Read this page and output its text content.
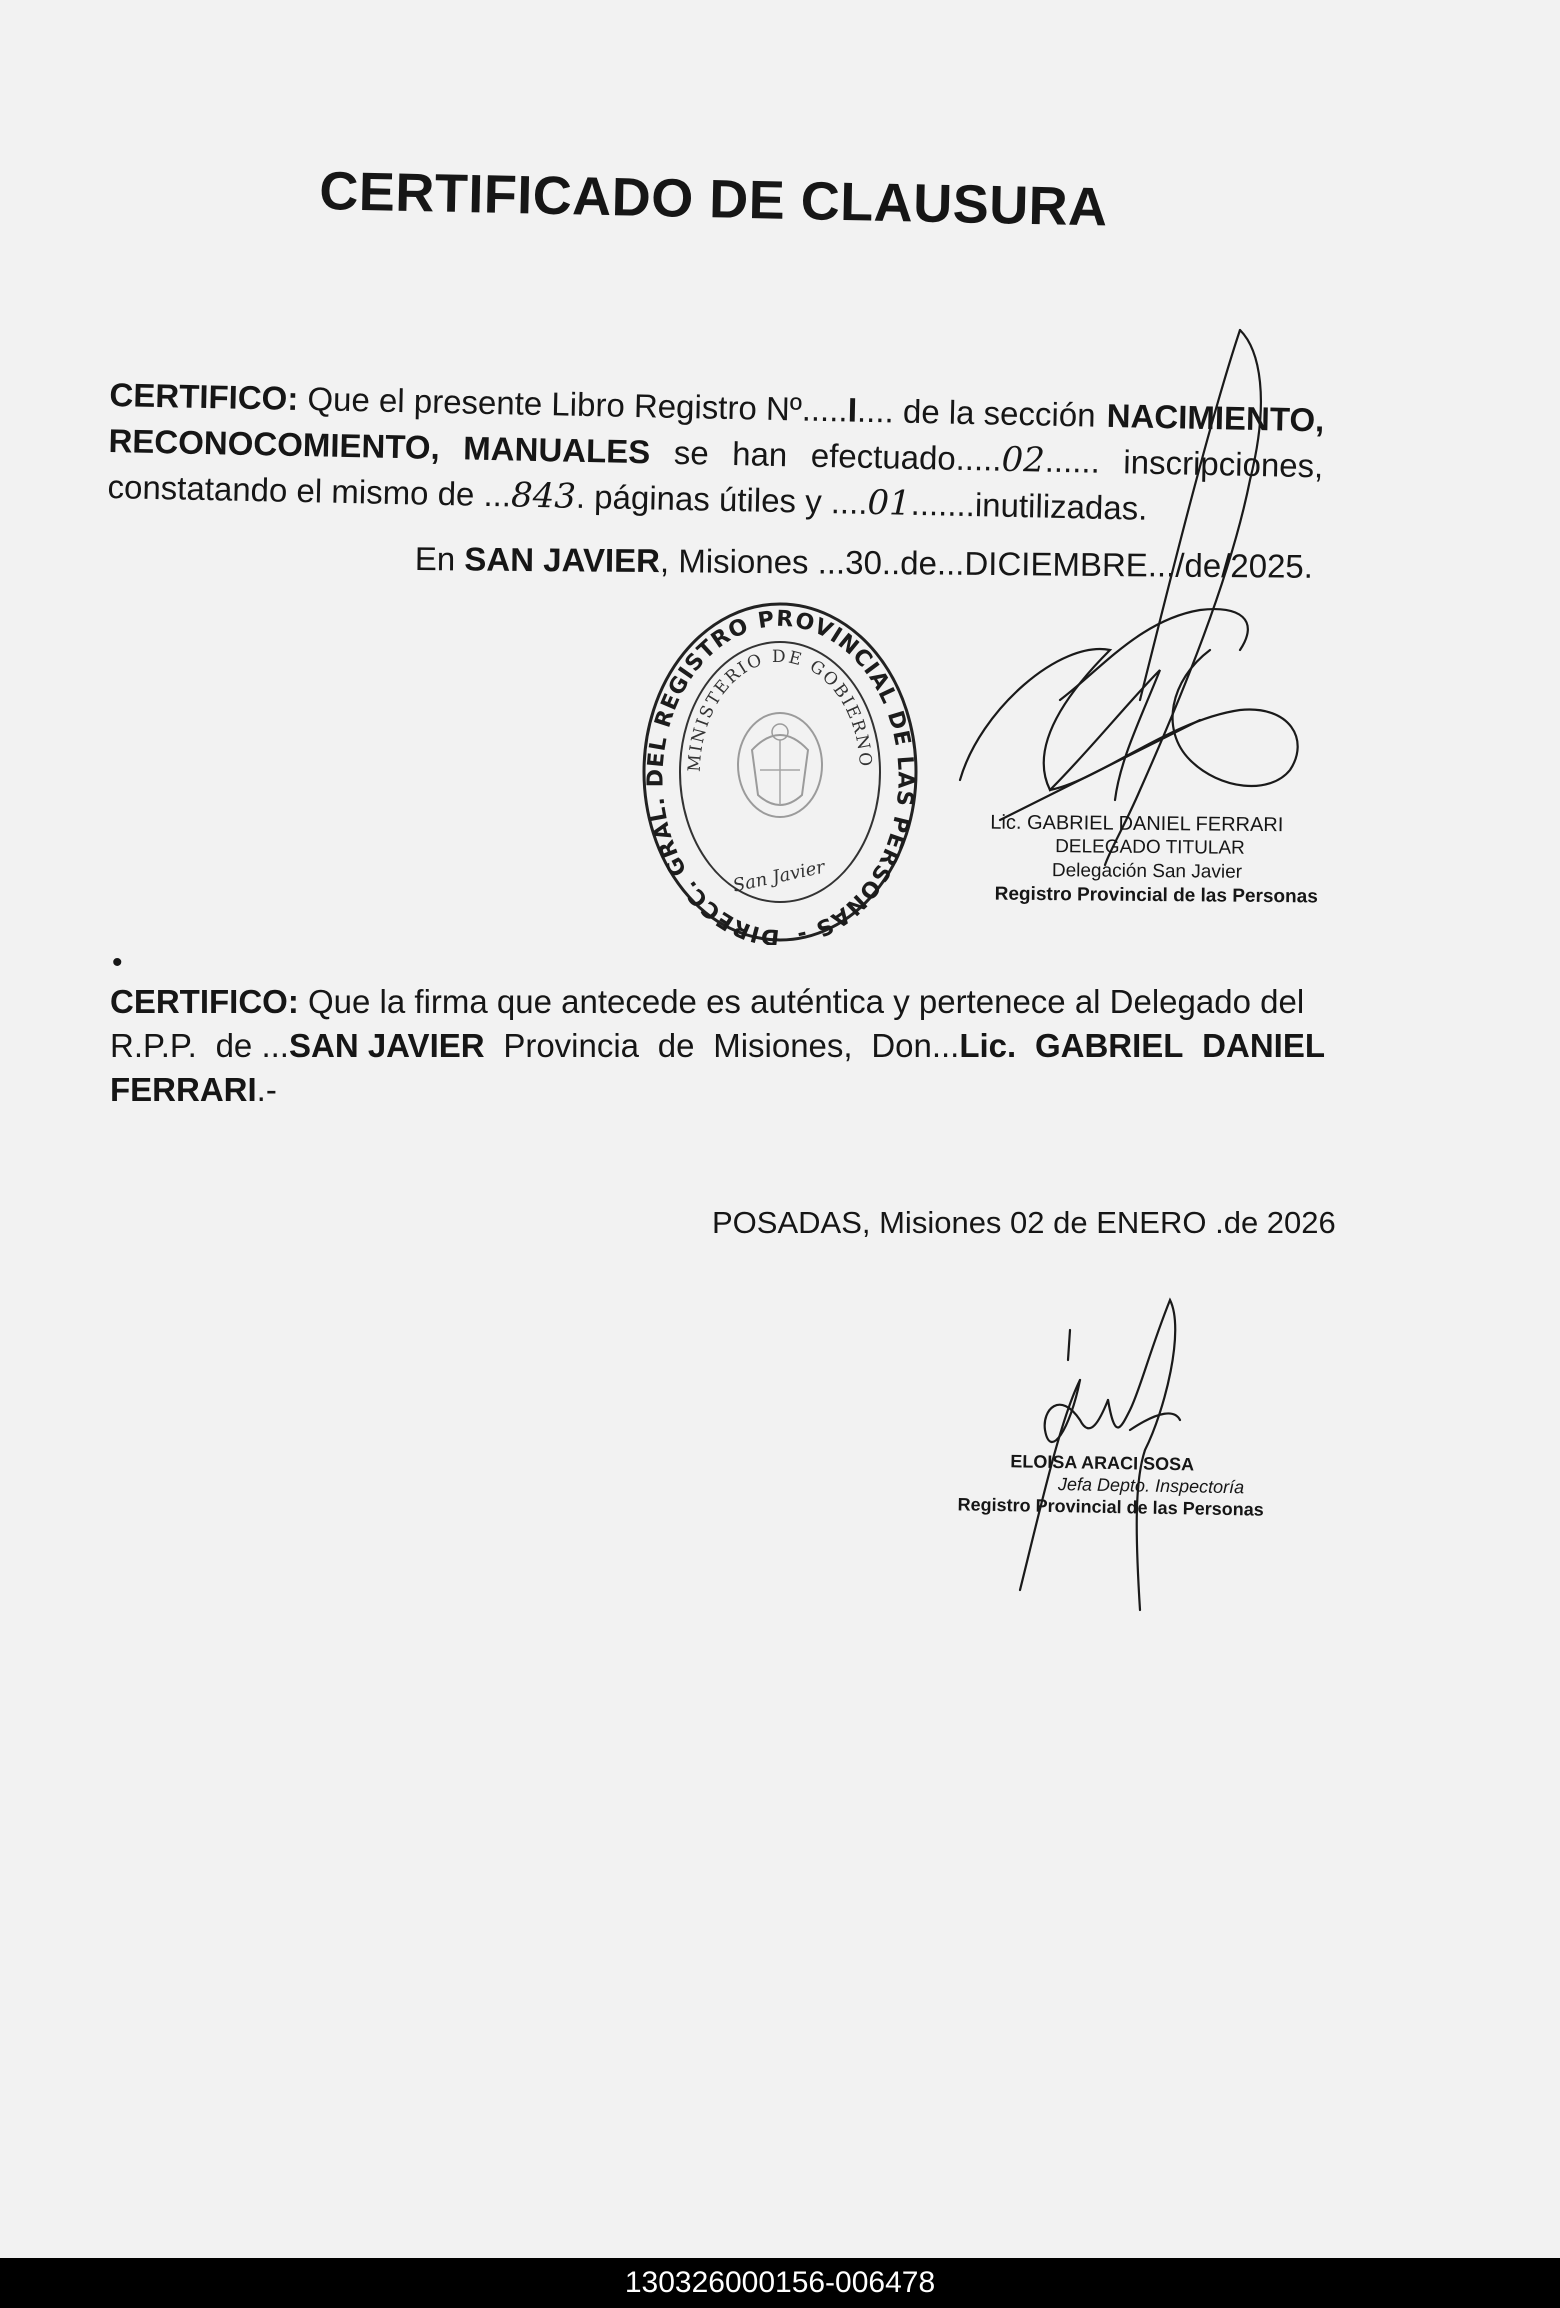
CERTIFICADO DE CLAUSURA
CERTIFICO: Que el presente Libro Registro Nº.....I.... de la sección NACIMIENTO,
RECONOCOMIENTO, MANUALES se han efectuado.....02...... inscripciones,
constatando el mismo de ... 843 . páginas útiles y .... 01 .......inutilizadas.
En SAN JAVIER, Misiones ...30..de...DICIEMBRE.../de/2025.
DIRECC. GRAL. DEL REGISTRO PROVINCIAL DE LAS PERSONAS -
MINISTERIO DE GOBIERNO
San Javier
Lic. GABRIEL DANIEL FERRARI
DELEGADO TITULAR
Delegación San Javier
Registro Provincial de las Personas
•
CERTIFICO: Que la firma que antecede es auténtica y pertenece al Delegado del
R.P.P. de ...SAN JAVIER Provincia de Misiones, Don...Lic. GABRIEL DANIEL
FERRARI.-
POSADAS, Misiones 02 de ENERO .de 2026
ELOISA ARACI SOSA
Jefa Depto. Inspectoría
Registro Provincial de las Personas
130326000156-006478
